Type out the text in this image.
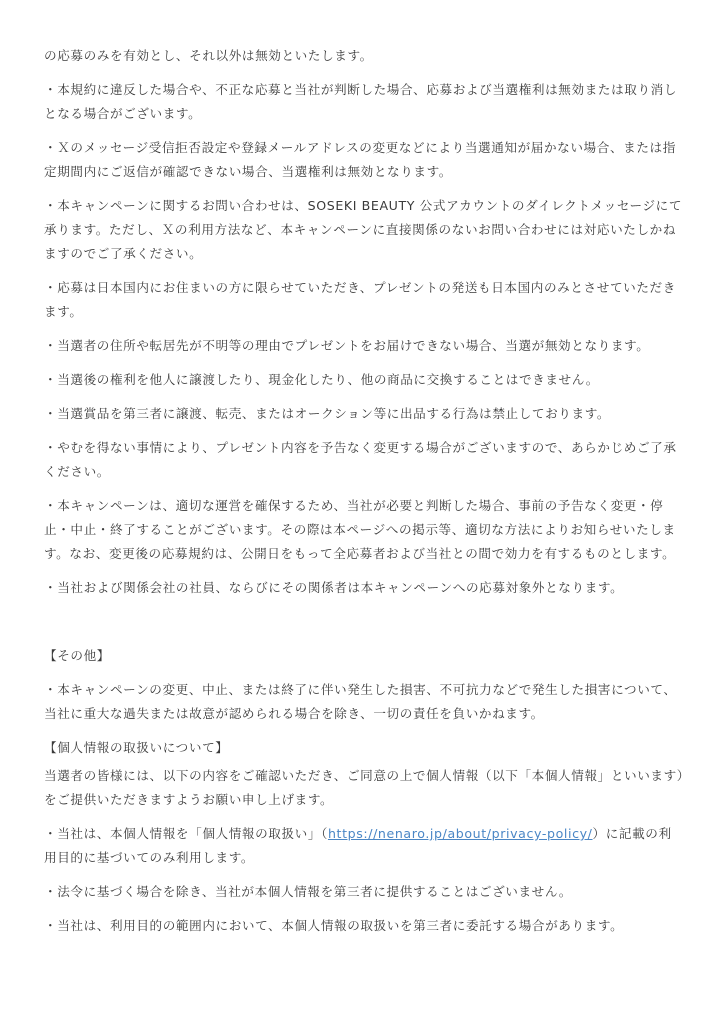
の応募のみを有効とし、それ以外は無効といたします。

・本規約に違反した場合や、不正な応募と当社が判断した場合、応募および当選権利は無効または取り消しとなる場合がございます。

・Ｘのメッセージ受信拒否設定や登録メールアドレスの変更などにより当選通知が届かない場合、または指定期間内にご返信が確認できない場合、当選権利は無効となります。

・本キャンペーンに関するお問い合わせは、SOSEKI BEAUTY 公式アカウントのダイレクトメッセージにて承ります。ただし、Ｘの利用方法など、本キャンペーンに直接関係のないお問い合わせには対応いたしかねますのでご了承ください。

・応募は日本国内にお住まいの方に限らせていただき、プレゼントの発送も日本国内のみとさせていただきます。

・当選者の住所や転居先が不明等の理由でプレゼントをお届けできない場合、当選が無効となります。

・当選後の権利を他人に譲渡したり、現金化したり、他の商品に交換することはできません。

・当選賞品を第三者に譲渡、転売、またはオークション等に出品する行為は禁止しております。

・やむを得ない事情により、プレゼント内容を予告なく変更する場合がございますので、あらかじめご了承ください。

・本キャンペーンは、適切な運営を確保するため、当社が必要と判断した場合、事前の予告なく変更・停止・中止・終了することがございます。その際は本ページへの掲示等、適切な方法によりお知らせいたします。なお、変更後の応募規約は、公開日をもって全応募者および当社との間で効力を有するものとします。

・当社および関係会社の社員、ならびにその関係者は本キャンペーンへの応募対象外となります。

【その他】

・本キャンペーンの変更、中止、または終了に伴い発生した損害、不可抗力などで発生した損害について、当社に重大な過失または故意が認められる場合を除き、一切の責任を負いかねます。

【個人情報の取扱いについて】

当選者の皆様には、以下の内容をご確認いただき、ご同意の上で個人情報（以下「本個人情報」といいます）をご提供いただきますようお願い申し上げます。

・当社は、本個人情報を「個人情報の取扱い」（https://nenaro.jp/about/privacy-policy/）に記載の利用目的に基づいてのみ利用します。

・法令に基づく場合を除き、当社が本個人情報を第三者に提供することはございません。

・当社は、利用目的の範囲内において、本個人情報の取扱いを第三者に委託する場合があります。
